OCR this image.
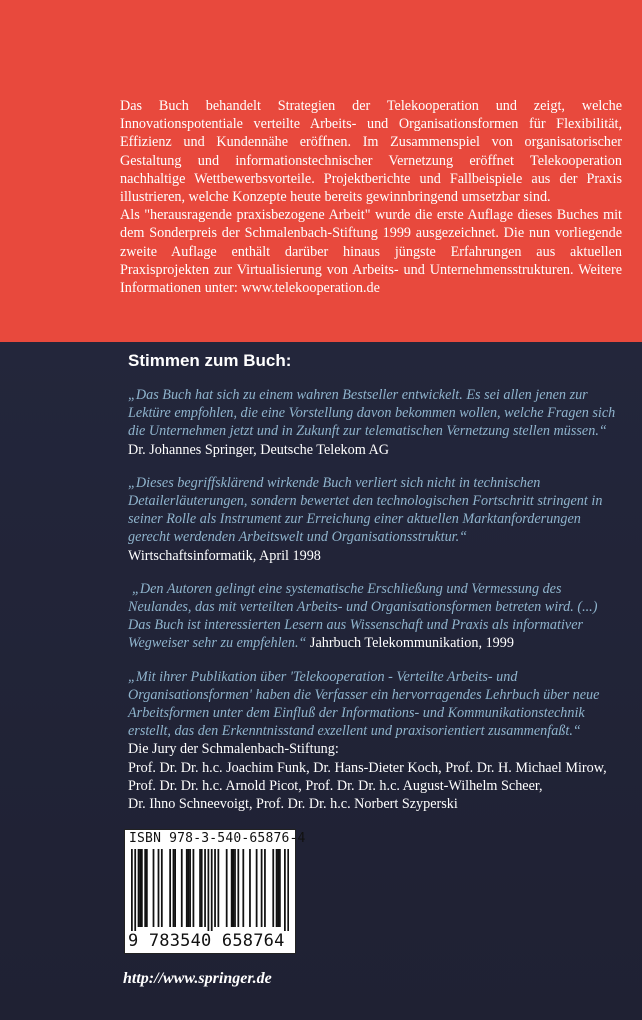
Das Buch behandelt Strategien der Telekooperation und zeigt, welche Innovationspotentiale verteilte Arbeits- und Organisationsformen für Flexibilität, Effizienz und Kundennähe eröffnen. Im Zusammenspiel von organisatorischer Gestaltung und informationstechnischer Vernetzung eröffnet Telekooperation nachhaltige Wettbewerbsvorteile. Projektberichte und Fallbeispiele aus der Praxis illustrieren, welche Konzepte heute bereits gewinnbringend umsetzbar sind.

Als "herausragende praxisbezogene Arbeit" wurde die erste Auflage dieses Buches mit dem Sonderpreis der Schmalenbach-Stiftung 1999 ausgezeichnet. Die nun vorliegende zweite Auflage enthält darüber hinaus jüngste Erfahrungen aus aktuellen Praxisprojekten zur Virtualisierung von Arbeits- und Unternehmensstrukturen. Weitere Informationen unter: www.telekooperation.de

Stimmen zum Buch:
„Das Buch hat sich zu einem wahren Bestseller entwickelt. Es sei allen jenen zur Lektüre empfohlen, die eine Vorstellung davon bekommen wollen, welche Fragen sich die Unternehmen jetzt und in Zukunft zur telematischen Vernetzung stellen müssen.“ Dr. Johannes Springer, Deutsche Telekom AG
„Dieses begriffsklärend wirkende Buch verliert sich nicht in technischen Detailerläuterungen, sondern bewertet den technologischen Fortschritt stringent in seiner Rolle als Instrument zur Erreichung einer aktuellen Marktanforderungen gerecht werdenden Arbeitswelt und Organisationsstruktur.“
Wirtschaftsinformatik, April 1998
„Den Autoren gelingt eine systematische Erschließung und Vermessung des Neulandes, das mit verteilten Arbeits- und Organisationsformen betreten wird. (...) Das Buch ist interessierten Lesern aus Wissenschaft und Praxis als informativer Wegweiser sehr zu empfehlen.“ Jahrbuch Telekommunikation, 1999
„Mit ihrer Publikation über 'Telekooperation - Verteilte Arbeits- und Organisationsformen' haben die Verfasser ein hervorragendes Lehrbuch über neue Arbeitsformen unter dem Einfluß der Informations- und Kommunikationstechnik erstellt, das den Erkenntnisstand exzellent und praxisorientiert zusammenfaßt.“
Die Jury der Schmalenbach-Stiftung:
Prof. Dr. Dr. h.c. Joachim Funk, Dr. Hans-Dieter Koch, Prof. Dr. H. Michael Mirow,
Prof. Dr. Dr. h.c. Arnold Picot, Prof. Dr. Dr. h.c. August-Wilhelm Scheer,
Dr. Ihno Schneevoigt, Prof. Dr. Dr. h.c. Norbert Szyperski
ISBN 978-3-540-65876-4
9 783540 658764
http://www.springer.de
